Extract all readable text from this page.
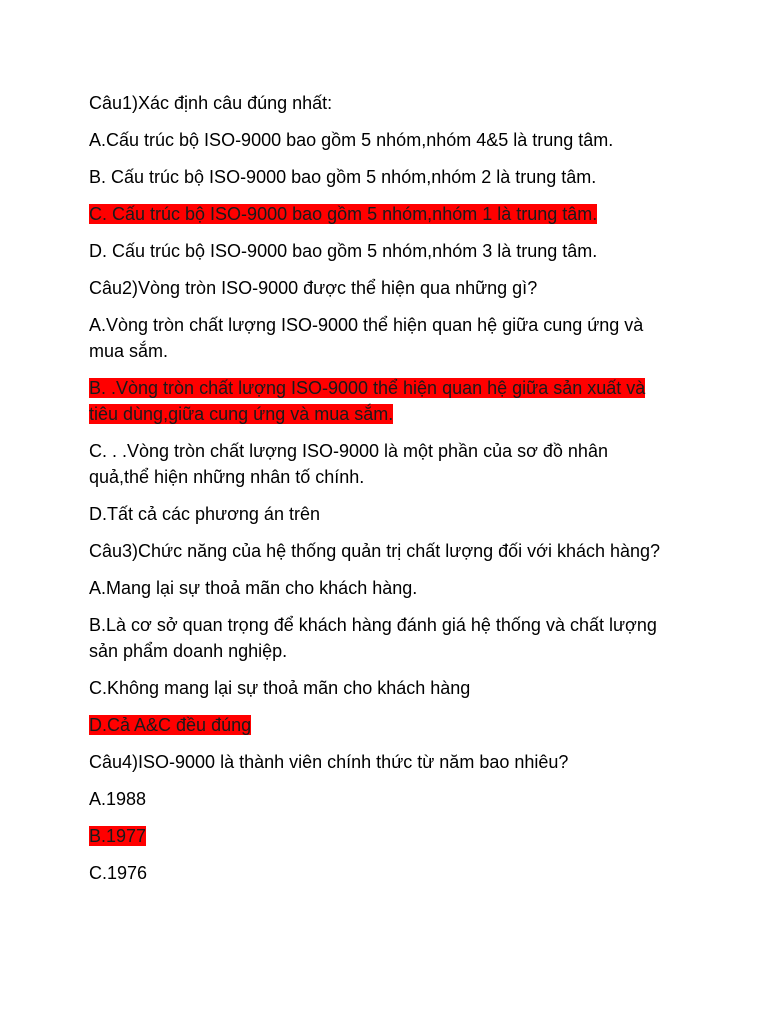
Câu1)Xác định câu đúng nhất:

A.Cấu trúc bộ ISO-9000 bao gồm 5 nhóm,nhóm 4&5 là trung tâm.

B. Cấu trúc bộ ISO-9000 bao gồm 5 nhóm,nhóm 2 là trung tâm.

C. Cấu trúc bộ ISO-9000 bao gồm 5 nhóm,nhóm 1 là trung tâm.

D. Cấu trúc bộ ISO-9000 bao gồm 5 nhóm,nhóm 3 là trung tâm.

Câu2)Vòng tròn ISO-9000 được thể hiện qua những gì?

A.Vòng tròn chất lượng ISO-9000 thể hiện quan hệ giữa cung ứng và

mua sắm.

B. .Vòng tròn chất lượng ISO-9000 thể hiện quan hệ giữa sản xuất và

tiêu dùng,giữa cung ứng và mua sắm.

C. . .Vòng tròn chất lượng ISO-9000 là một phần của sơ đồ nhân

quả,thể hiện những nhân tố chính.

D.Tất cả các phương án trên

Câu3)Chức năng của hệ thống quản trị chất lượng đối với khách hàng?

A.Mang lại sự thoả mãn cho khách hàng.

B.Là cơ sở quan trọng để khách hàng đánh giá hệ thống và chất lượng

sản phẩm doanh nghiệp.

C.Không mang lại sự thoả mãn cho khách hàng

D.Cả A&C đều đúng

Câu4)ISO-9000 là thành viên chính thức từ năm bao nhiêu?

A.1988

B.1977

C.1976
